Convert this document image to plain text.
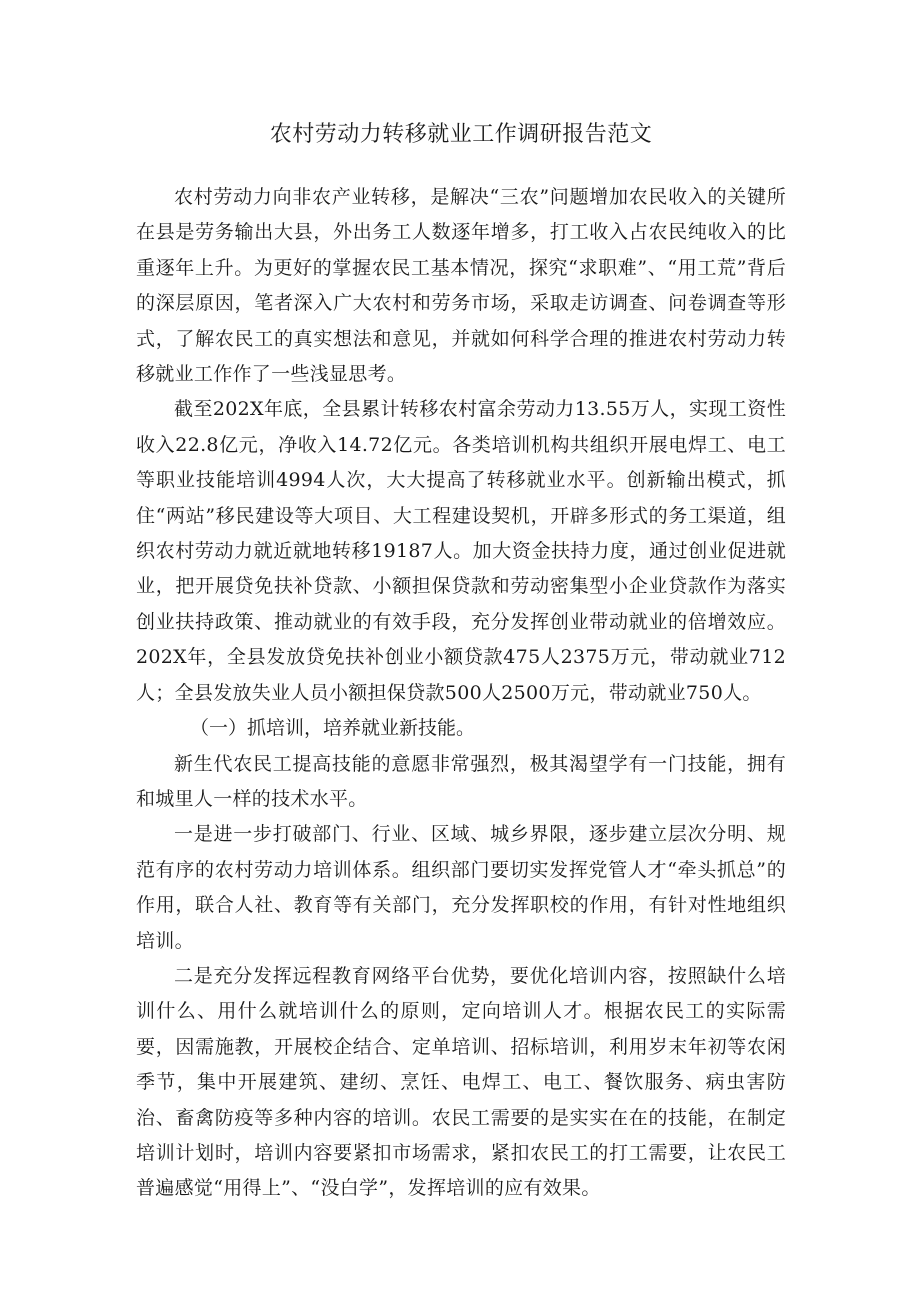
农村劳动力转移就业工作调研报告范文

农村劳动力向非农产业转移，是解决“三农”问题增加农民收入的关键所在县是劳务输出大县，外出务工人数逐年增多，打工收入占农民纯收入的比重逐年上升。为更好的掌握农民工基本情况，探究“求职难”、“用工荒”背后的深层原因，笔者深入广大农村和劳务市场，采取走访调查、问卷调查等形式，了解农民工的真实想法和意见，并就如何科学合理的推进农村劳动力转移就业工作作了一些浅显思考。

截至202X年底，全县累计转移农村富余劳动力13.55万人，实现工资性收入22.8亿元，净收入14.72亿元。各类培训机构共组织开展电焊工、电工等职业技能培训4994人次，大大提高了转移就业水平。创新输出模式，抓住“两站”移民建设等大项目、大工程建设契机，开辟多形式的务工渠道，组织农村劳动力就近就地转移19187人。加大资金扶持力度，通过创业促进就业，把开展贷免扶补贷款、小额担保贷款和劳动密集型小企业贷款作为落实创业扶持政策、推动就业的有效手段，充分发挥创业带动就业的倍增效应。202X年，全县发放贷免扶补创业小额贷款475人2375万元，带动就业712人；全县发放失业人员小额担保贷款500人2500万元，带动就业750人。

（一）抓培训，培养就业新技能。

新生代农民工提高技能的意愿非常强烈，极其渴望学有一门技能，拥有和城里人一样的技术水平。

一是进一步打破部门、行业、区域、城乡界限，逐步建立层次分明、规范有序的农村劳动力培训体系。组织部门要切实发挥党管人才“牵头抓总”的作用，联合人社、教育等有关部门，充分发挥职校的作用，有针对性地组织培训。

二是充分发挥远程教育网络平台优势，要优化培训内容，按照缺什么培训什么、用什么就培训什么的原则，定向培训人才。根据农民工的实际需要，因需施教，开展校企结合、定单培训、招标培训，利用岁末年初等农闲季节，集中开展建筑、建纫、烹饪、电焊工、电工、餐饮服务、病虫害防治、畜禽防疫等多种内容的培训。农民工需要的是实实在在的技能，在制定培训计划时，培训内容要紧扣市场需求，紧扣农民工的打工需要，让农民工普遍感觉“用得上”、“没白学”，发挥培训的应有效果。
